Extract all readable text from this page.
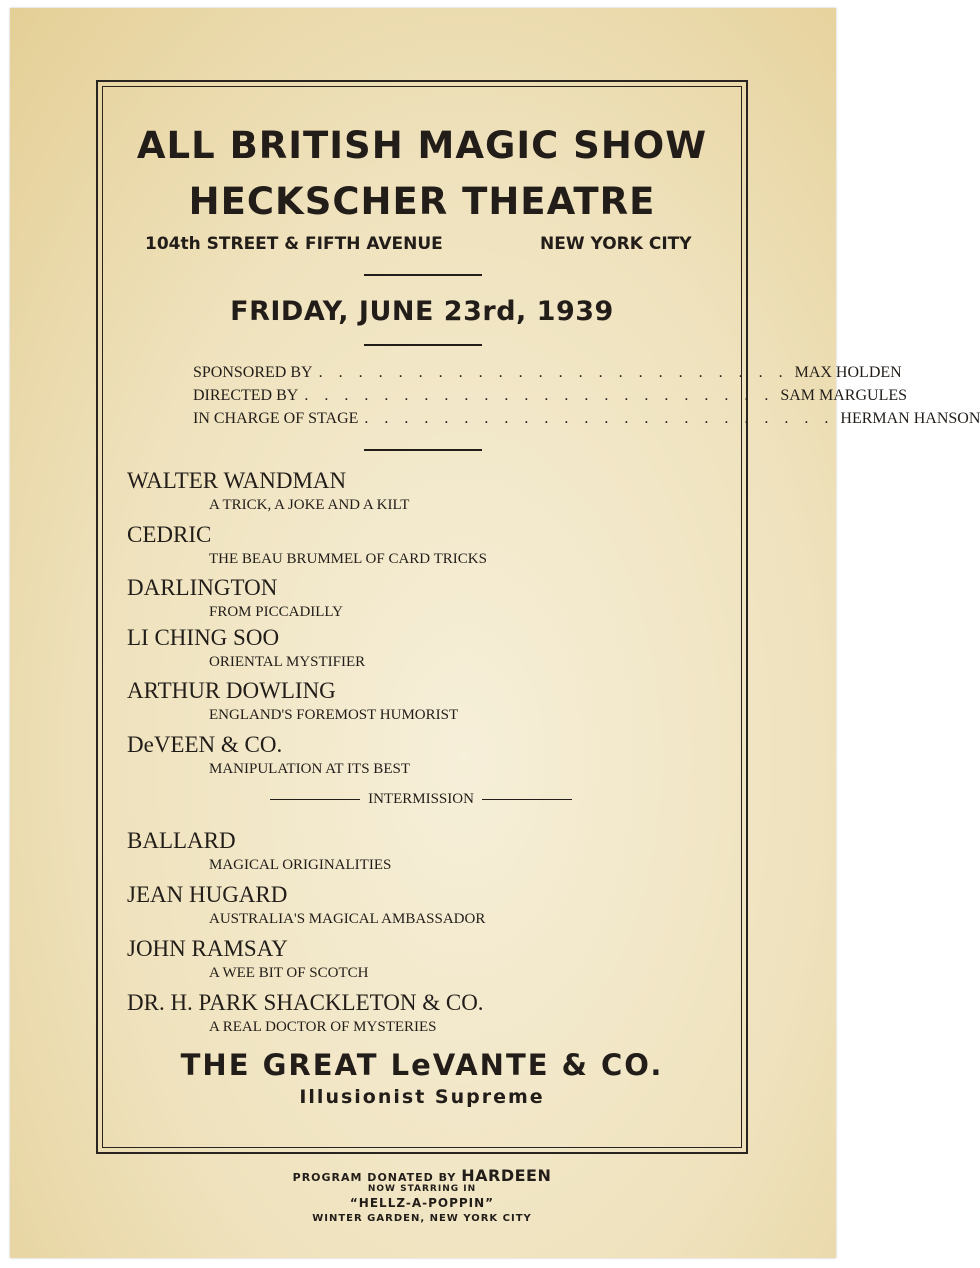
ALL BRITISH MAGIC SHOW
HECKSCHER THEATRE
104th STREET & FIFTH AVENUE	NEW YORK CITY
FRIDAY, JUNE 23rd, 1939
SPONSORED BY . . . . . . . . . . . . . . . . . . . . . . . . MAX HOLDEN
DIRECTED BY . . . . . . . . . . . . . . . . . . . . . . . . SAM MARGULES
IN CHARGE OF STAGE . . . . . . . . . . . . . . . . . . . . . . . . HERMAN HANSON
WALTER WANDMAN
A TRICK, A JOKE AND A KILT
CEDRIC
THE BEAU BRUMMEL OF CARD TRICKS
DARLINGTON
FROM PICCADILLY
LI CHING SOO
ORIENTAL MYSTIFIER
ARTHUR DOWLING
ENGLAND'S FOREMOST HUMORIST
DeVEEN & CO.
MANIPULATION AT ITS BEST
INTERMISSION
BALLARD
MAGICAL ORIGINALITIES
JEAN HUGARD
AUSTRALIA'S MAGICAL AMBASSADOR
JOHN RAMSAY
A WEE BIT OF SCOTCH
DR. H. PARK SHACKLETON & CO.
A REAL DOCTOR OF MYSTERIES
THE GREAT LeVANTE & CO.
Illusionist Supreme
PROGRAM DONATED BY HARDEEN
NOW STARRING IN
“HELLZ-A-POPPIN”
WINTER GARDEN, NEW YORK CITY
